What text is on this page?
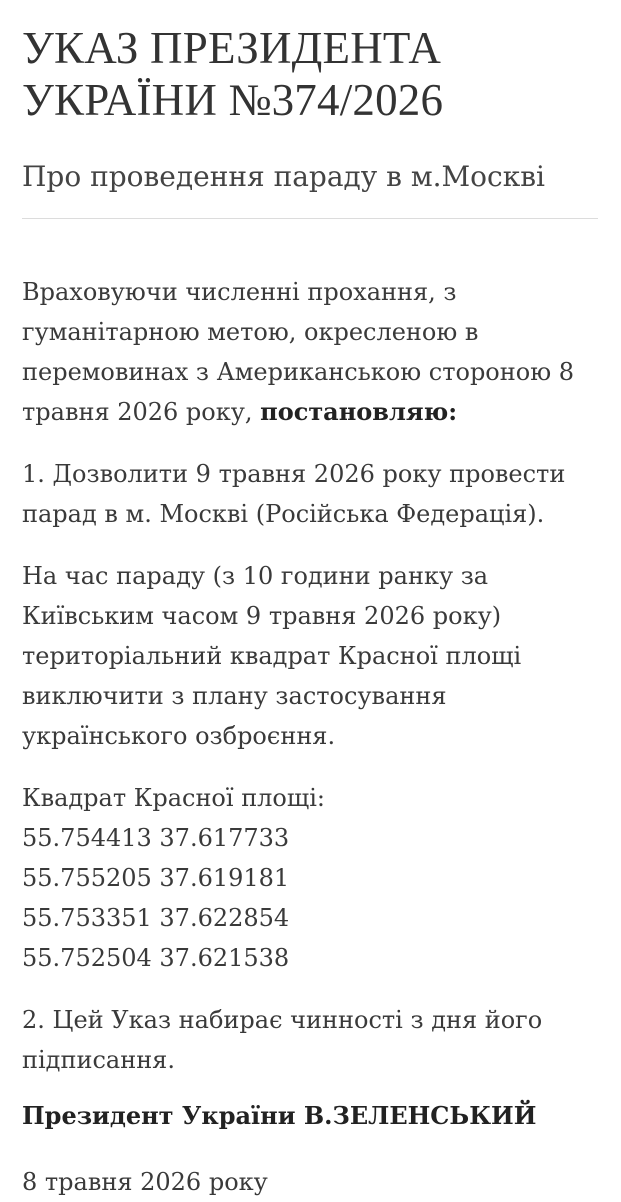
УКАЗ ПРЕЗИДЕНТА
УКРАЇНИ №374/2026
Про проведення параду в м.Москві
Враховуючи численні прохання, з гуманітарною метою, окресленою в перемовинах з Американською стороною 8 травня 2026 року, постановляю:
1. Дозволити 9 травня 2026 року провести парад в м. Москві (Російська Федерація).
На час параду (з 10 години ранку за Київським часом 9 травня 2026 року) територіальний квадрат Красної площі виключити з плану застосування українського озброєння.
Квадрат Красної площі:
55.754413 37.617733
55.755205 37.619181
55.753351 37.622854
55.752504 37.621538
2. Цей Указ набирає чинності з дня його підписання.
Президент України В.ЗЕЛЕНСЬКИЙ
8 травня 2026 року
